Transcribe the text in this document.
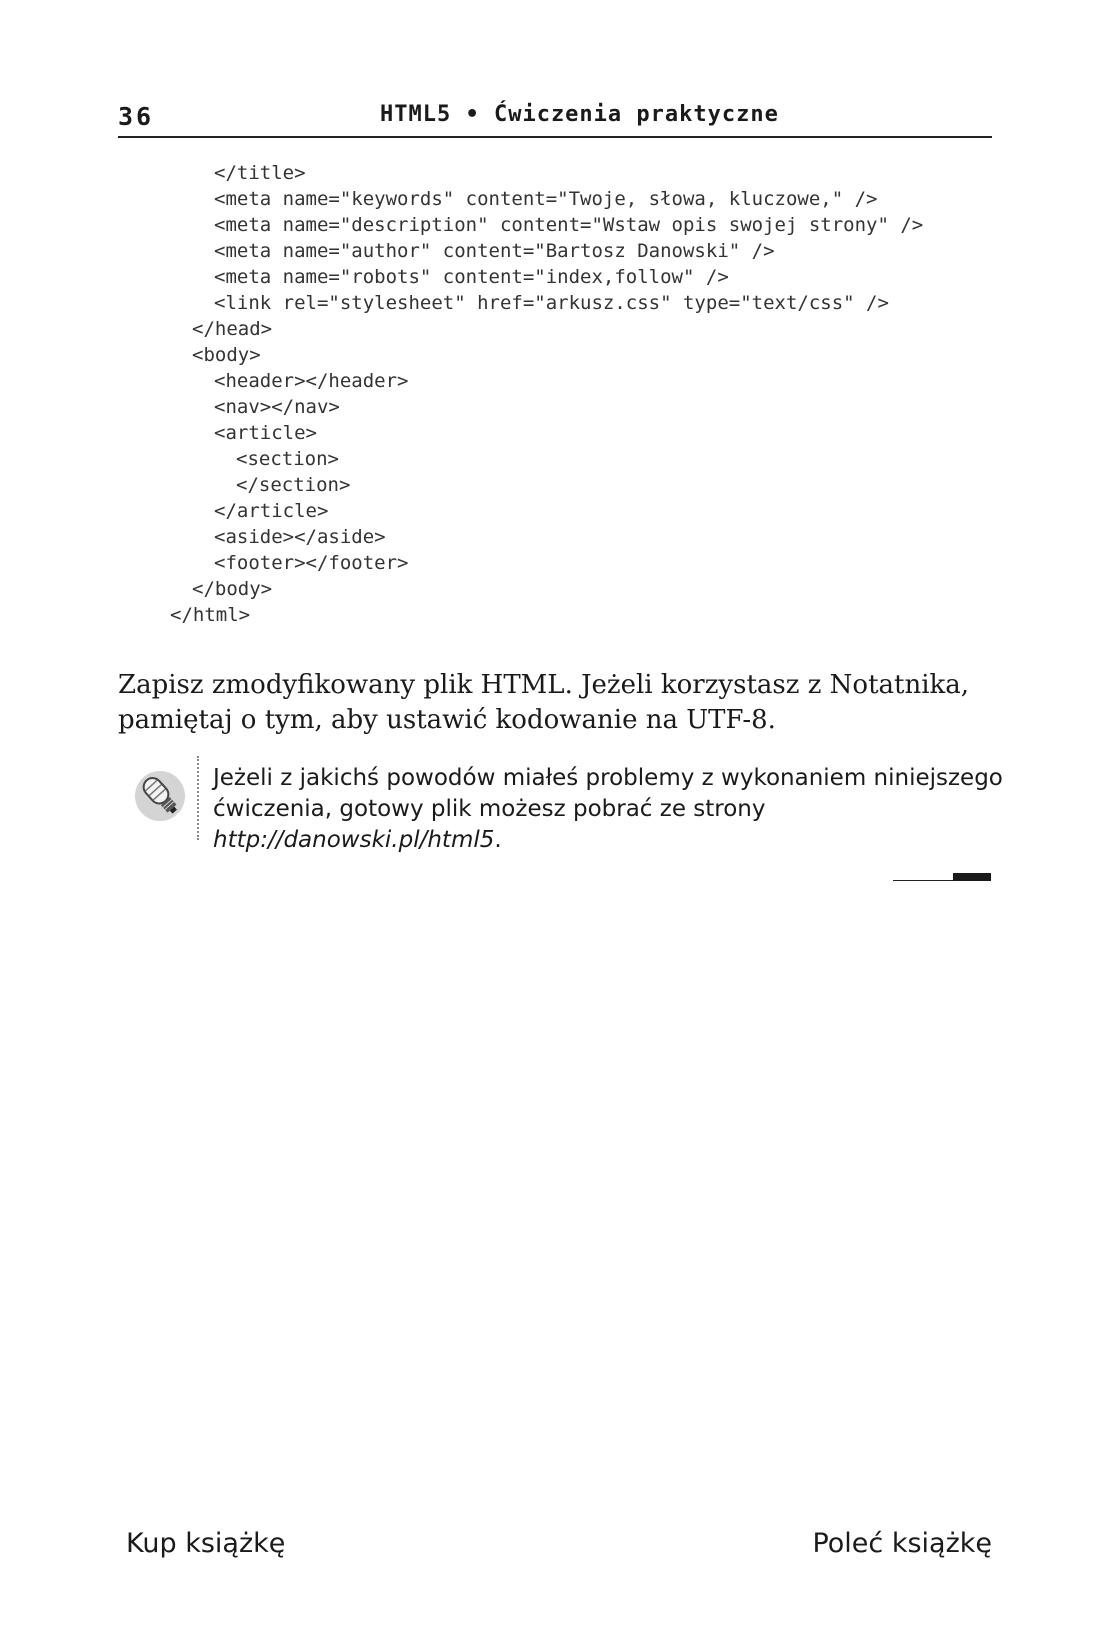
36	HTML5 • Ćwiczenia praktyczne
</title>
<meta name="keywords" content="Twoje, słowa, kluczowe," />
<meta name="description" content="Wstaw opis swojej strony" />
<meta name="author" content="Bartosz Danowski" />
<meta name="robots" content="index,follow" />
<link rel="stylesheet" href="arkusz.css" type="text/css" />
</head>
<body>
<header></header>
<nav></nav>
<article>
<section>
</section>
</article>
<aside></aside>
<footer></footer>
</body>
</html>

Zapisz zmodyfikowany plik HTML. Jeżeli korzystasz z Notatnika, pamiętaj o tym, aby ustawić kodowanie na UTF-8.

Jeżeli z jakichś powodów miałeś problemy z wykonaniem niniejszego ćwiczenia, gotowy plik możesz pobrać ze strony http://danowski.pl/html5.
Kup książkę	Poleć książkę
